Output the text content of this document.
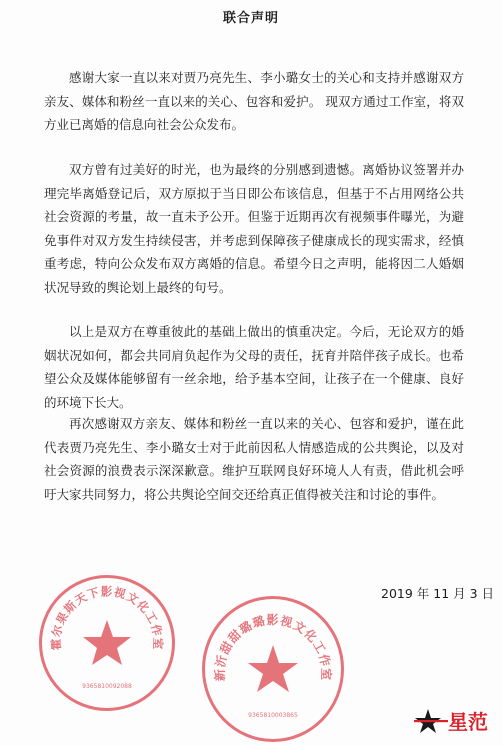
联合声明

感谢大家一直以来对贾乃亮先生、李小璐女士的关心和支持并感谢双方亲友、媒体和粉丝一直以来的关心、包容和爱护。 现双方通过工作室，将双方业已离婚的信息向社会公众发布。

双方曾有过美好的时光，也为最终的分别感到遗憾。离婚协议签署并办理完毕离婚登记后，双方原拟于当日即公布该信息，但基于不占用网络公共社会资源的考量，故一直未予公开。但鉴于近期再次有视频事件曝光，为避免事件对双方发生持续侵害，并考虑到保障孩子健康成长的现实需求，经慎重考虑，特向公众发布双方离婚的信息。希望今日之声明，能将因二人婚姻状况导致的舆论划上最终的句号。

以上是双方在尊重彼此的基础上做出的慎重决定。今后，无论双方的婚姻状况如何，都会共同肩负起作为父母的责任，抚育并陪伴孩子成长。也希望公众及媒体能够留有一丝余地，给予基本空间，让孩子在一个健康、良好的环境下长大。

再次感谢双方亲友、媒体和粉丝一直以来的关心、包容和爱护，谨在此代表贾乃亮先生、李小璐女士对于此前因私人情感造成的公共舆论，以及对社会资源的浪费表示深深歉意。维护互联网良好环境人人有责，借此机会呼吁大家共同努力，将公共舆论空间交还给真正值得被关注和讨论的事件。

2019 年 11 月 3 日
霍尔果斯天下影视文化工作室
9365810092088
新沂甜甜璐璐影视文化工作室
9365810003865	星范
